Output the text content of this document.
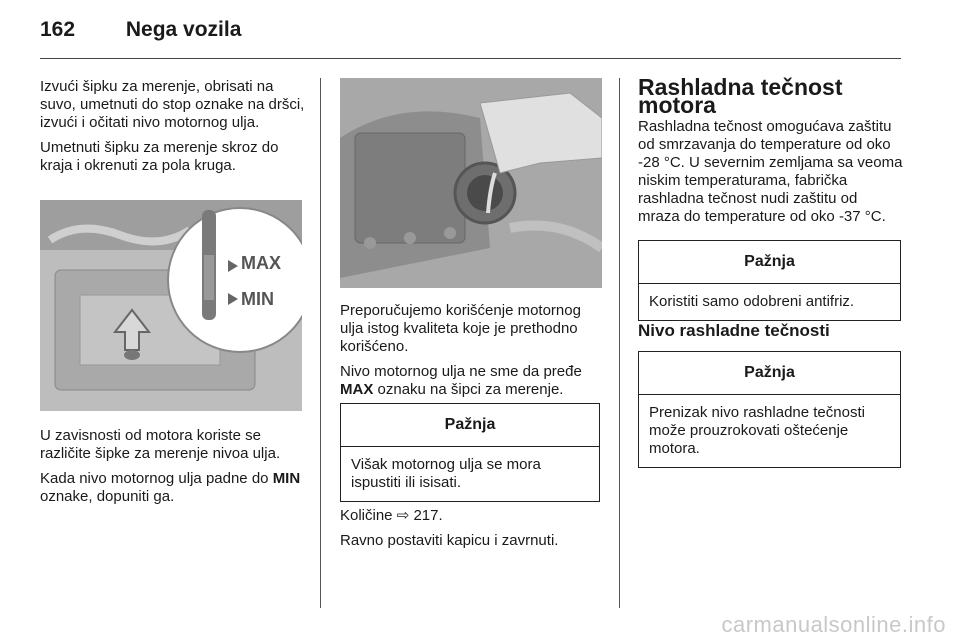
162 Nega vozila

Izvući šipku za merenje, obrisati na suvo, umetnuti do stop oznake na dršci, izvući i očitati nivo motornog ulja.

Umetnuti šipku za merenje skroz do kraja i okrenuti za pola kruga.

MAX
MIN

U zavisnosti od motora koriste se različite šipke za merenje nivoa ulja.

Kada nivo motornog ulja padne do MIN oznake, dopuniti ga.

Preporučujemo korišćenje motornog ulja istog kvaliteta koje je prethodno korišćeno.

Nivo motornog ulja ne sme da pređe MAX oznaku na šipci za merenje.

Pažnja
Višak motornog ulja se mora ispustiti ili isisati.

Količine ⇨ 217.

Ravno postaviti kapicu i zavrnuti.

Rashladna tečnost motora

Rashladna tečnost omogućava zaštitu od smrzavanja do temperature od oko -28 °C. U severnim zemljama sa veoma niskim temperaturama, fabrička rashladna tečnost nudi zaštitu od mraza do temperature od oko -37 °C.

Pažnja
Koristiti samo odobreni antifriz.
Nivo rashladne tečnosti
Pažnja
Prenizak nivo rashladne tečnosti može prouzrokovati oštećenje motora.
carmanualsonline.info
